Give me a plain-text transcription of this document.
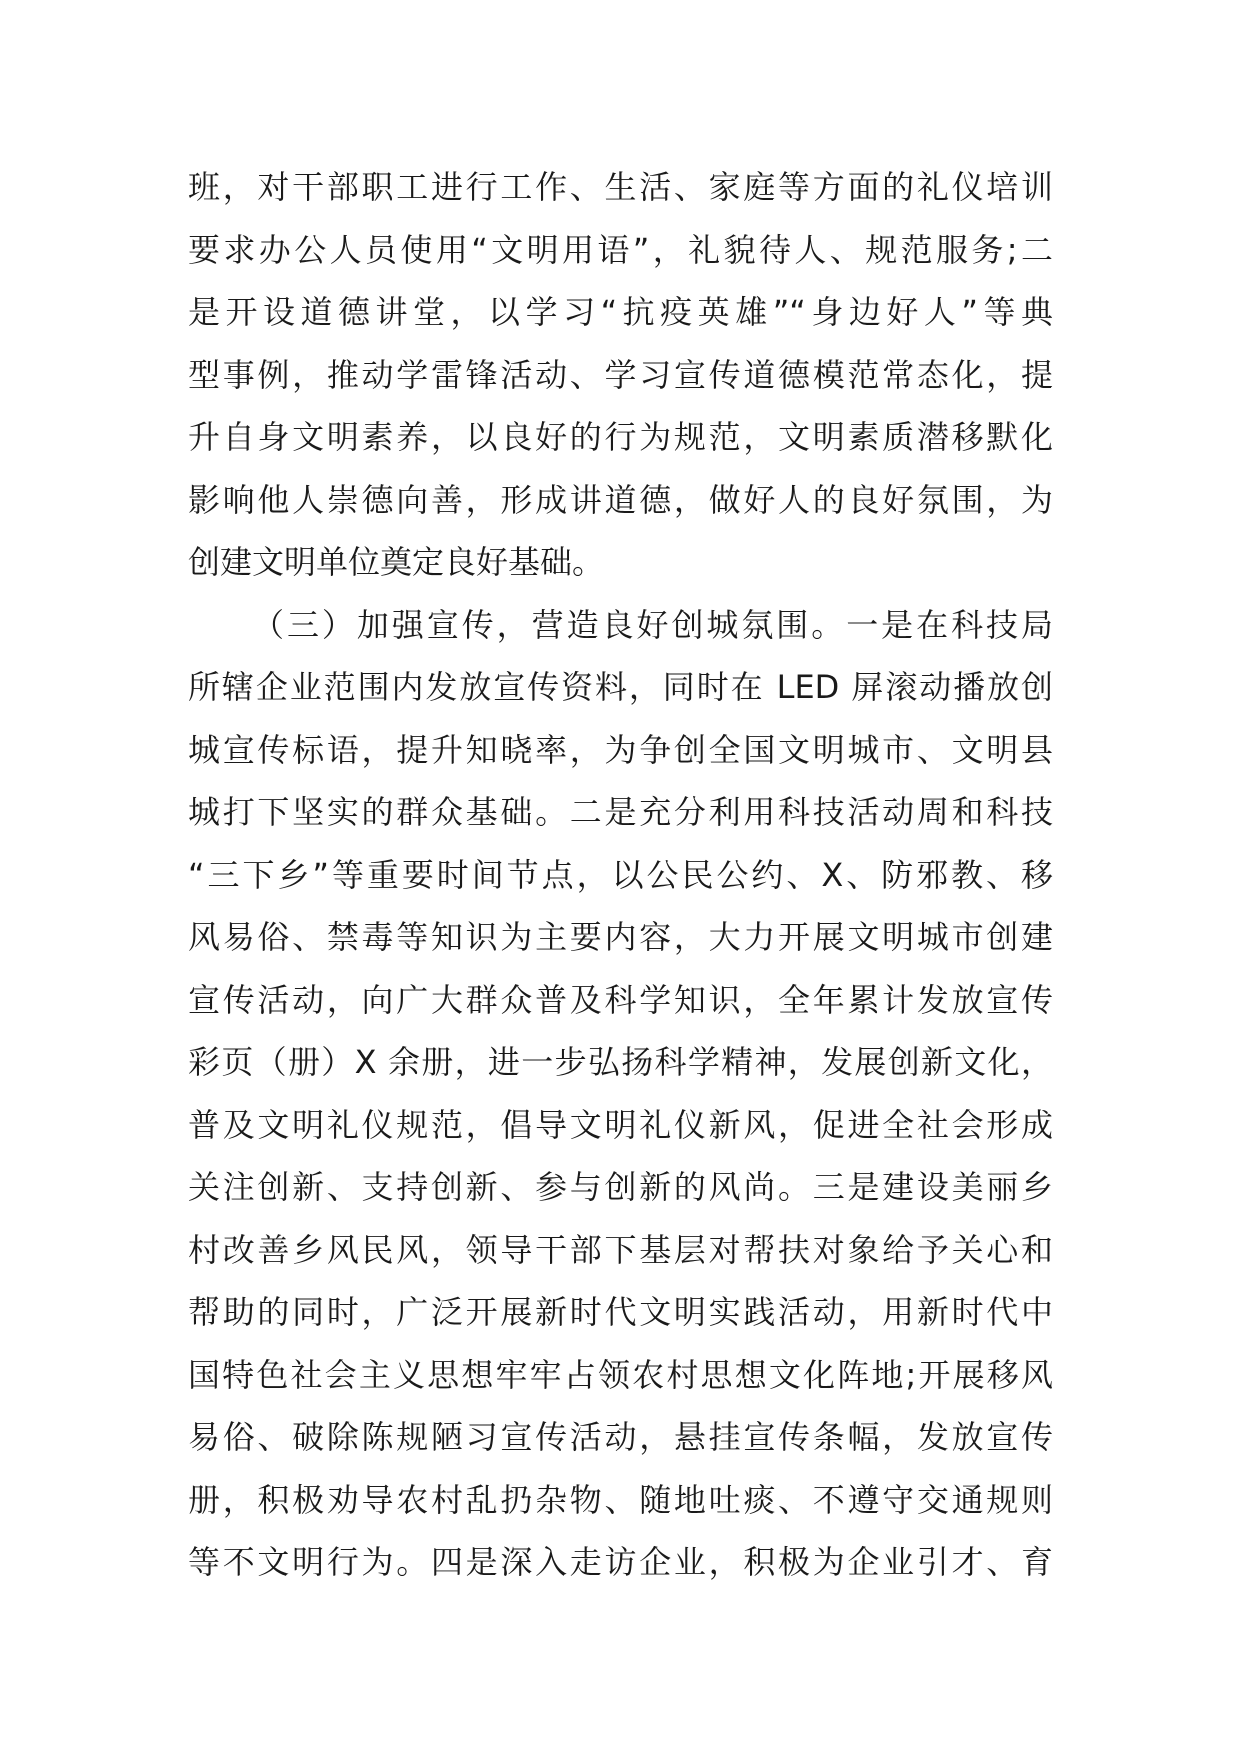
班，对干部职工进行工作、生活、家庭等方面的礼仪培训
要求办公人员使用“文明用语”，礼貌待人、规范服务;二
是开设道德讲堂，以学习“抗疫英雄”“身边好人”等典
型事例，推动学雷锋活动、学习宣传道德模范常态化，提
升自身文明素养，以良好的行为规范，文明素质潜移默化
影响他人崇德向善，形成讲道德，做好人的良好氛围，为
创建文明单位奠定良好基础。
（三）加强宣传，营造良好创城氛围。一是在科技局
所辖企业范围内发放宣传资料，同时在 LED 屏滚动播放创
城宣传标语，提升知晓率，为争创全国文明城市、文明县
城打下坚实的群众基础。二是充分利用科技活动周和科技
“三下乡”等重要时间节点，以公民公约、X、防邪教、移
风易俗、禁毒等知识为主要内容，大力开展文明城市创建
宣传活动，向广大群众普及科学知识，全年累计发放宣传
彩页（册）X 余册，进一步弘扬科学精神，发展创新文化，
普及文明礼仪规范，倡导文明礼仪新风，促进全社会形成
关注创新、支持创新、参与创新的风尚。三是建设美丽乡
村改善乡风民风，领导干部下基层对帮扶对象给予关心和
帮助的同时，广泛开展新时代文明实践活动，用新时代中
国特色社会主义思想牢牢占领农村思想文化阵地;开展移风
易俗、破除陈规陋习宣传活动，悬挂宣传条幅，发放宣传
册，积极劝导农村乱扔杂物、随地吐痰、不遵守交通规则
等不文明行为。四是深入走访企业，积极为企业引才、育
